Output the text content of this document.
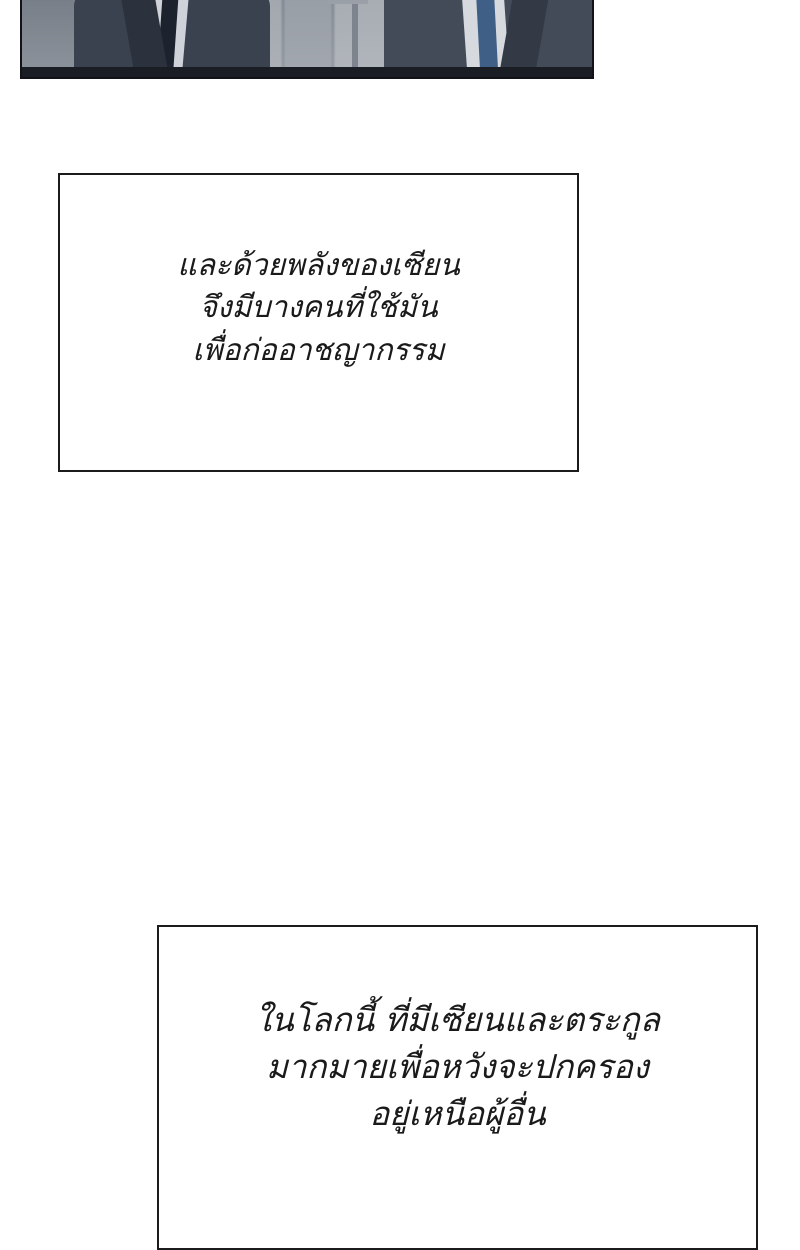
และด้วยพลังของเซียน
จึงมีบางคนที่ใช้มัน
เพื่อก่ออาชญากรรม
ในโลกนี้ ที่มีเซียนและตระกูล
มากมายเพื่อหวังจะปกครอง
อยู่เหนือผู้อื่น
